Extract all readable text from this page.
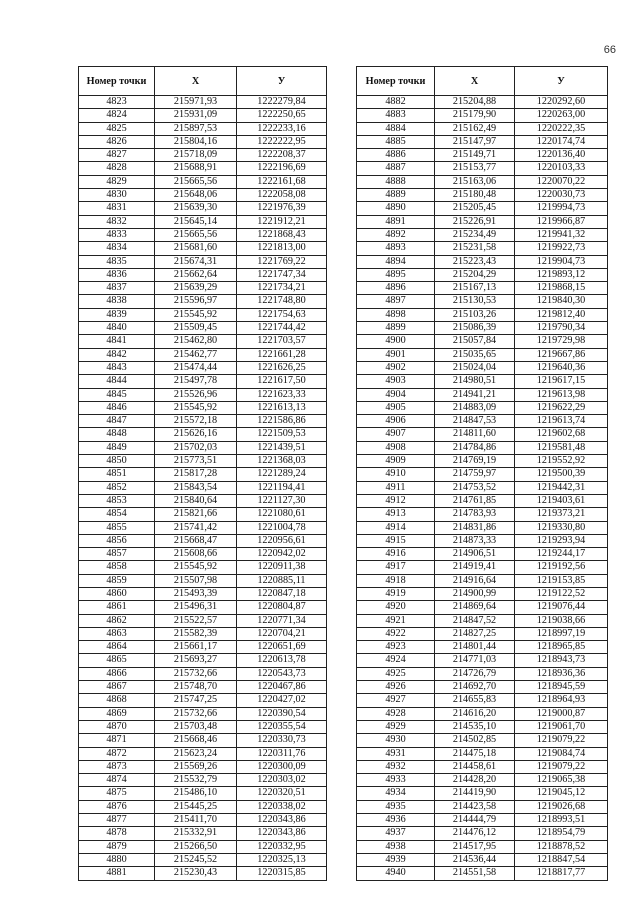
66
Номер точки	X	У
4823	215971,93	1222279,84
4824	215931,09	1222250,65
4825	215897,53	1222233,16
4826	215804,16	1222222,95
4827	215718,09	1222208,37
4828	215688,91	1222196,69
4829	215665,56	1222161,68
4830	215648,06	1222058,08
4831	215639,30	1221976,39
4832	215645,14	1221912,21
4833	215665,56	1221868,43
4834	215681,60	1221813,00
4835	215674,31	1221769,22
4836	215662,64	1221747,34
4837	215639,29	1221734,21
4838	215596,97	1221748,80
4839	215545,92	1221754,63
4840	215509,45	1221744,42
4841	215462,80	1221703,57
4842	215462,77	1221661,28
4843	215474,44	1221626,25
4844	215497,78	1221617,50
4845	215526,96	1221623,33
4846	215545,92	1221613,13
4847	215572,18	1221586,86
4848	215626,16	1221509,53
4849	215702,03	1221439,51
4850	215773,51	1221368,03
4851	215817,28	1221289,24
4852	215843,54	1221194,41
4853	215840,64	1221127,30
4854	215821,66	1221080,61
4855	215741,42	1221004,78
4856	215668,47	1220956,61
4857	215608,66	1220942,02
4858	215545,92	1220911,38
4859	215507,98	1220885,11
4860	215493,39	1220847,18
4861	215496,31	1220804,87
4862	215522,57	1220771,34
4863	215582,39	1220704,21
4864	215661,17	1220651,69
4865	215693,27	1220613,78
4866	215732,66	1220543,73
4867	215748,70	1220467,86
4868	215747,25	1220427,02
4869	215732,66	1220390,54
4870	215703,48	1220355,54
4871	215668,46	1220330,73
4872	215623,24	1220311,76
4873	215569,26	1220300,09
4874	215532,79	1220303,02
4875	215486,10	1220320,51
4876	215445,25	1220338,02
4877	215411,70	1220343,86
4878	215332,91	1220343,86
4879	215266,50	1220332,95
4880	215245,52	1220325,13
4881	215230,43	1220315,85
Номер точки	X	У
4882	215204,88	1220292,60
4883	215179,90	1220263,00
4884	215162,49	1220222,35
4885	215147,97	1220174,74
4886	215149,71	1220136,40
4887	215153,77	1220103,33
4888	215163,06	1220070,22
4889	215180,48	1220030,73
4890	215205,45	1219994,73
4891	215226,91	1219966,87
4892	215234,49	1219941,32
4893	215231,58	1219922,73
4894	215223,43	1219904,73
4895	215204,29	1219893,12
4896	215167,13	1219868,15
4897	215130,53	1219840,30
4898	215103,26	1219812,40
4899	215086,39	1219790,34
4900	215057,84	1219729,98
4901	215035,65	1219667,86
4902	215024,04	1219640,36
4903	214980,51	1219617,15
4904	214941,21	1219613,98
4905	214883,09	1219622,29
4906	214847,53	1219613,74
4907	214811,60	1219602,68
4908	214784,86	1219581,48
4909	214769,19	1219552,92
4910	214759,97	1219500,39
4911	214753,52	1219442,31
4912	214761,85	1219403,61
4913	214783,93	1219373,21
4914	214831,86	1219330,80
4915	214873,33	1219293,94
4916	214906,51	1219244,17
4917	214919,41	1219192,56
4918	214916,64	1219153,85
4919	214900,99	1219122,52
4920	214869,64	1219076,44
4921	214847,52	1219038,66
4922	214827,25	1218997,19
4923	214801,44	1218965,85
4924	214771,03	1218943,73
4925	214726,79	1218936,36
4926	214692,70	1218945,59
4927	214655,83	1218964,93
4928	214616,20	1219000,87
4929	214535,10	1219061,70
4930	214502,85	1219079,22
4931	214475,18	1219084,74
4932	214458,61	1219079,22
4933	214428,20	1219065,38
4934	214419,90	1219045,12
4935	214423,58	1219026,68
4936	214444,79	1218993,51
4937	214476,12	1218954,79
4938	214517,95	1218878,52
4939	214536,44	1218847,54
4940	214551,58	1218817,77
